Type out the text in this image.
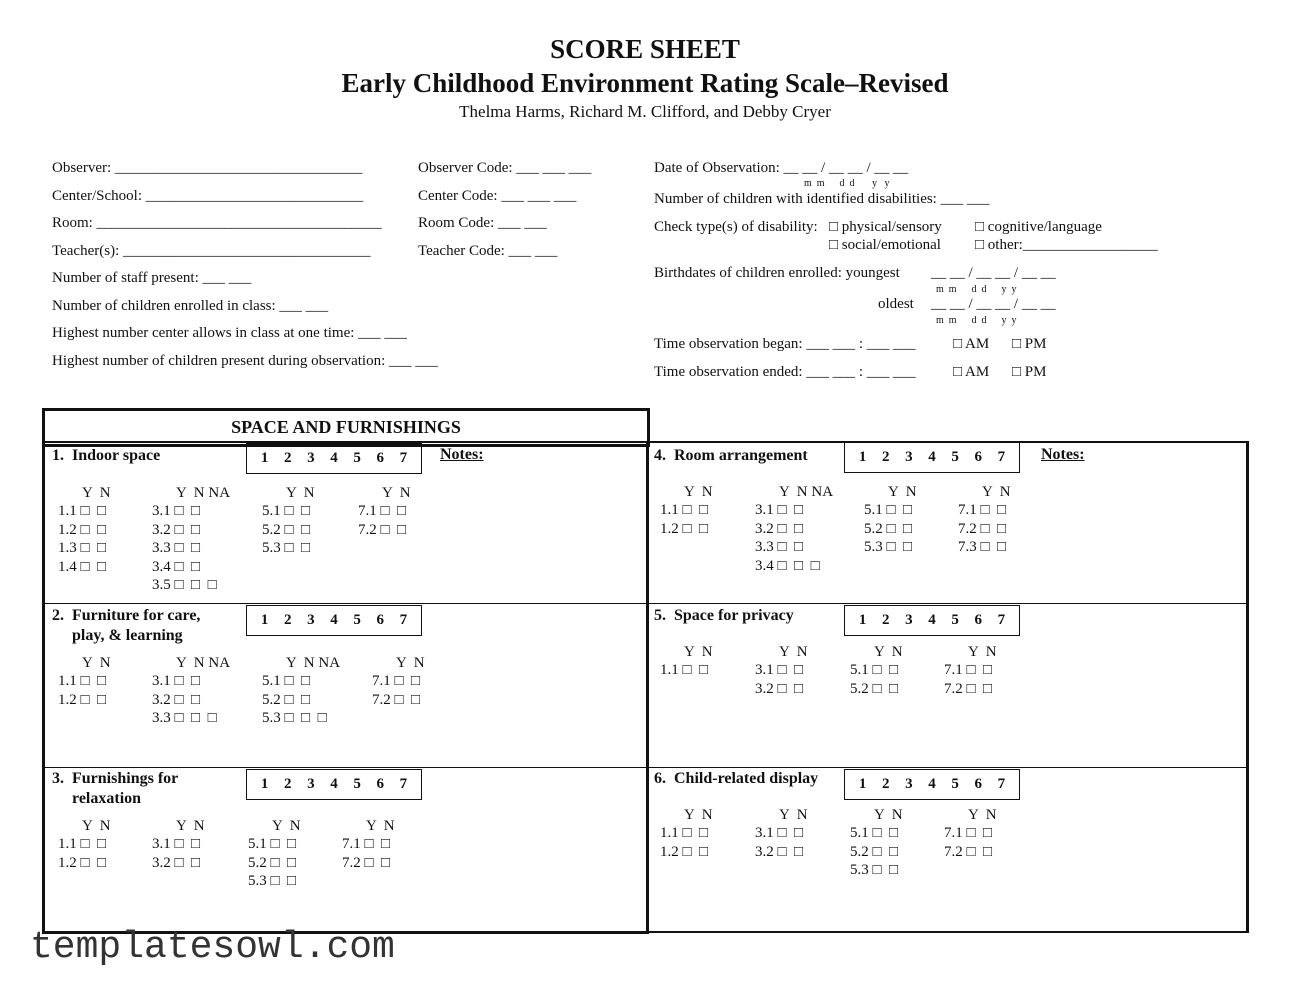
SCORE SHEET
Early Childhood Environment Rating Scale–Revised
Thelma Harms, Richard M. Clifford, and Debby Cryer
Observer: _________________________________	Observer Code: ___ ___ ___
Center/School: _____________________________	Center Code: ___ ___ ___
Room: ______________________________________ Room Code: ___ ___
Teacher(s): _________________________________	Teacher Code: ___ ___
Number of staff present: ___ ___
Number of children enrolled in class: ___ ___
Highest number center allows in class at one time: ___ ___
Highest number of children present during observation: ___ ___
Date of Observation: __ __ / __ __ / __ __
m  m      d  d       y   y
Number of children with identified disabilities: ___ ___
Check type(s) of disability: □ physical/sensory □ cognitive/language
□ social/emotional □ other:__________________
Birthdates of children enrolled: youngest __ __ / __ __ / __ __
m  m      d  d      y  y
oldest __ __ / __ __ / __ __
m  m      d  d      y  y
Time observation began: ___ ___ : ___ ___ □ AM □ PM
Time observation ended: ___ ___ : ___ ___ □ AM □ PM
SPACE AND FURNISHINGS
Notes:	Notes:
1.  Indoor space	1 2 3 4 5 6 7
Y  N
1.1 □  □
1.2 □  □
1.3 □  □
1.4 □  □
Y  N NA
3.1 □  □
3.2 □  □
3.3 □  □
3.4 □  □
3.5 □  □  □
Y  N
5.1 □  □
5.2 □  □
5.3 □  □
Y  N
7.1 □  □
7.2 □  □
2.  Furniture for care,
play, & learning
1 2 3 4 5 6 7
Y  N
1.1 □  □
1.2 □  □
Y  N NA
3.1 □  □
3.2 □  □
3.3 □  □  □
Y  N NA
5.1 □  □
5.2 □  □
5.3 □  □  □
Y  N
7.1 □  □
7.2 □  □
3.  Furnishings for
relaxation
1 2 3 4 5 6 7
Y  N
1.1 □  □
1.2 □  □
Y  N
3.1 □  □
3.2 □  □
Y  N
5.1 □  □
5.2 □  □
5.3 □  □
Y  N
7.1 □  □
7.2 □  □
4.  Room arrangement	1 2 3 4 5 6 7
Y  N
1.1 □  □
1.2 □  □
Y  N NA
3.1 □  □
3.2 □  □
3.3 □  □
3.4 □  □  □
Y  N
5.1 □  □
5.2 □  □
5.3 □  □
Y  N
7.1 □  □
7.2 □  □
7.3 □  □
5.  Space for privacy	1 2 3 4 5 6 7
Y  N
1.1 □  □
Y  N
3.1 □  □
3.2 □  □
Y  N
5.1 □  □
5.2 □  □
Y  N
7.1 □  □
7.2 □  □
6.  Child-related display	1 2 3 4 5 6 7
Y  N
1.1 □  □
1.2 □  □
Y  N
3.1 □  □
3.2 □  □
Y  N
5.1 □  □
5.2 □  □
5.3 □  □
Y  N
7.1 □  □
7.2 □  □
templatesowl.com
